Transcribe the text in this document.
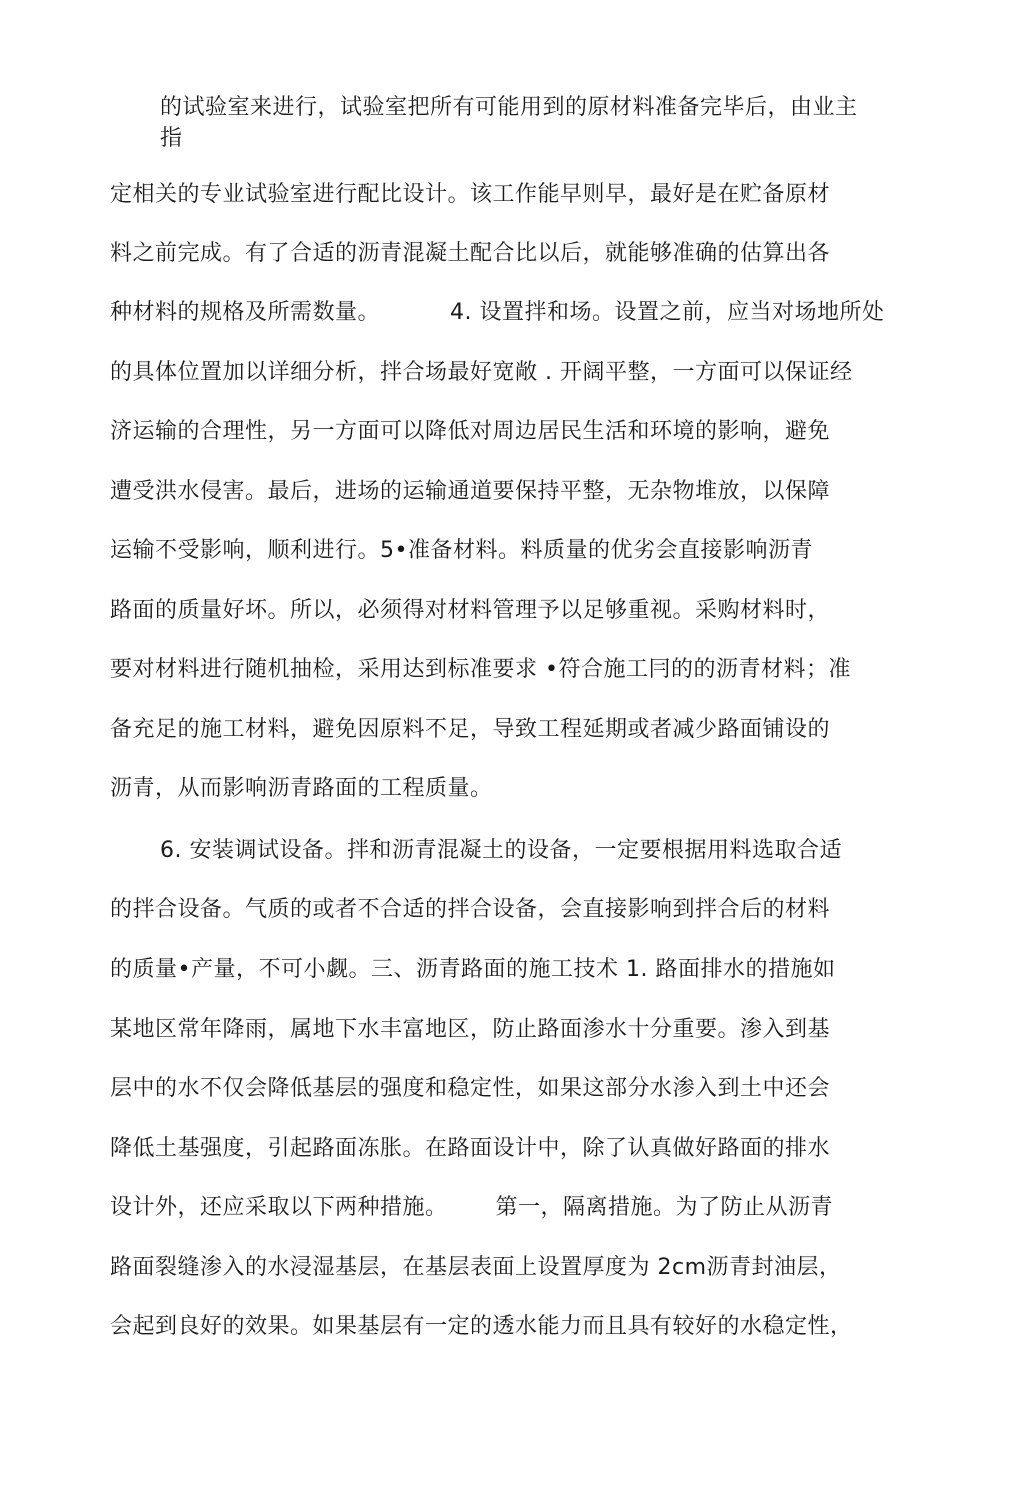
的试验室来进行，试验室把所有可能用到的原材料准备完毕后，由业主
指
定相关的专业试验室进行配比设计。该工作能早则早，最好是在贮备原材
料之前完成。有了合适的沥青混凝土配合比以后，就能够准确的估算出各
种材料的规格及所需数量。	4. 设置拌和场。设置之前，应当对场地所处
的具体位置加以详细分析，拌合场最好宽敞 . 开阔平整，一方面可以保证经
济运输的合理性，另一方面可以降低对周边居民生活和环境的影响，避免
遭受洪水侵害。最后，进场的运输通道要保持平整，无杂物堆放，以保障
运输不受影响，顺利进行。5•准备材料。料质量的优劣会直接影响沥青
路面的质量好坏。所以，必须得对材料管理予以足够重视。采购材料时，
要对材料进行随机抽检，采用达到标准要求 •符合施工冃的的沥青材料；准
备充足的施工材料，避免因原料不足，导致工程延期或者减少路面铺设的
沥青，从而影响沥青路面的工程质量。
6. 安装调试设备。拌和沥青混凝土的设备，一定要根据用料选取合适
的拌合设备。气质的或者不合适的拌合设备，会直接影响到拌合后的材料
的质量•产量，不可小觑。三、沥青路面的施工技术 1. 路面排水的措施如
某地区常年降雨，属地下水丰富地区，防止路面渗水十分重要。渗入到基
层中的水不仅会降低基层的强度和稳定性，如果这部分水渗入到土中还会
降低土基强度，引起路面冻胀。在路面设计中，除了认真做好路面的排水
设计外，还应采取以下两种措施。 第一，隔离措施。为了防止从沥青
路面裂缝渗入的水浸湿基层，在基层表面上设置厚度为 2cm沥青封油层，
会起到良好的效果。如果基层有一定的透水能力而且具有较好的水稳定性，
